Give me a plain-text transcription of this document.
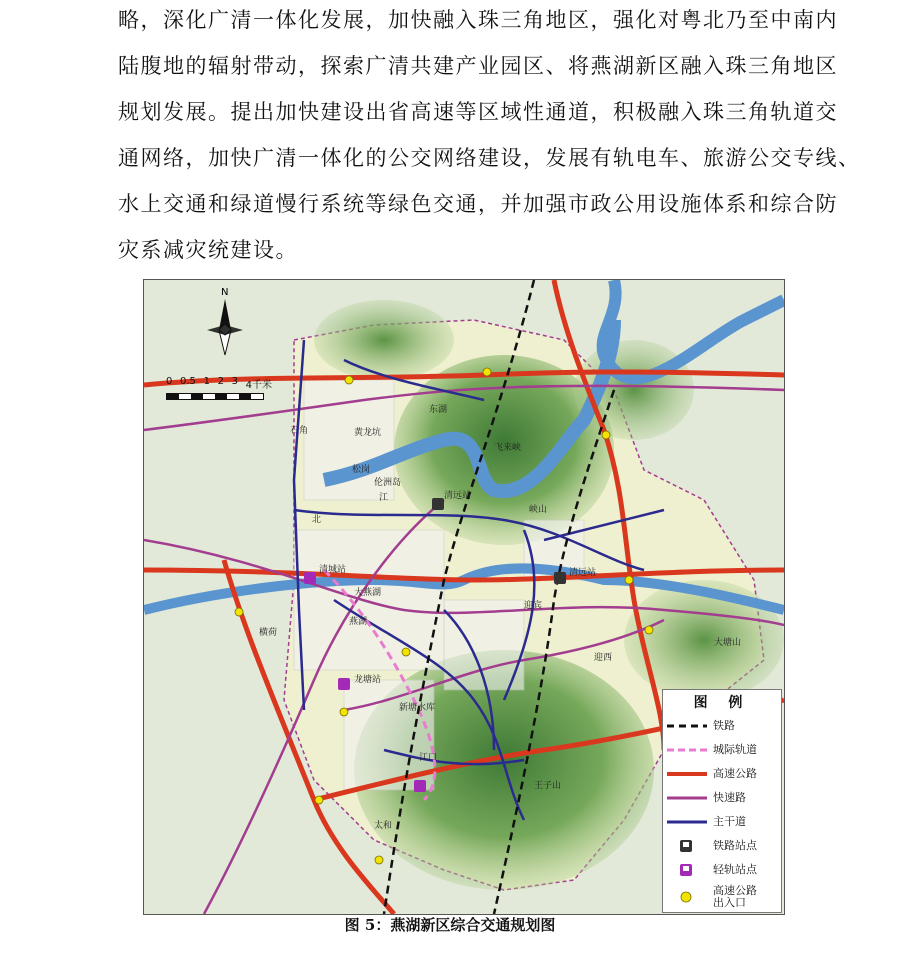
略，深化广清一体化发展，加快融入珠三角地区，强化对粤北乃至中南内
陆腹地的辐射带动，探索广清共建产业园区、将燕湖新区融入珠三角地区
规划发展。提出加快建设出省高速等区域性通道，积极融入珠三角轨道交
通网络，加快广清一体化的公交网络建设，发展有轨电车、旅游公交专线、
水上交通和绿道慢行系统等绿色交通，并加强市政公用设施体系和综合防
灾系减灾统建设。
清远站
清城站	清远站
伦洲岛
江
北
东湖
飞来峡
迎宾
大燕湖
燕湖
黄龙坑
太和
大塘山
新塘水库
王子山
龙塘站
石角
松岗
迎西
峡山
横荷
江口
N
0 0.5 1 2 3 4千米
图 例
铁路
城际轨道
高速公路
快速路
主干道
铁路站点
轻轨站点
高速公路出入口
图 5：燕湖新区综合交通规划图
